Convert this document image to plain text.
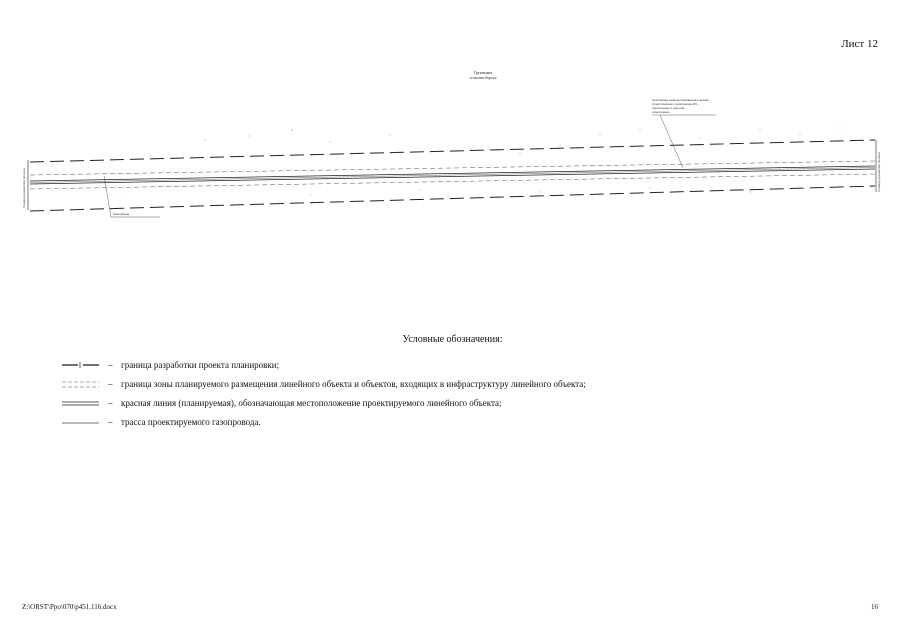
Лист 12
Грунтовая
сельская дорога
Газопровод запроектированный к врезке
существующего газопровода Ø1 ...
пересечение с дорогой ...
ответвление ...
Газопровод ...
...
Граница разработки проекта	Граница разработки проекта
Условные обозначения:
– граница разработки проекта планировки;
– граница зоны планируемого размещения линейного объекта и объектов, входящих в инфраструктуру линейного объекта;
– красная линия (планируемая), обозначающая местоположение проектируемого линейного объекта;
– трасса проектируемого газопровода.
Z:\ORST\Ppo\070\p451.116.docx	16
